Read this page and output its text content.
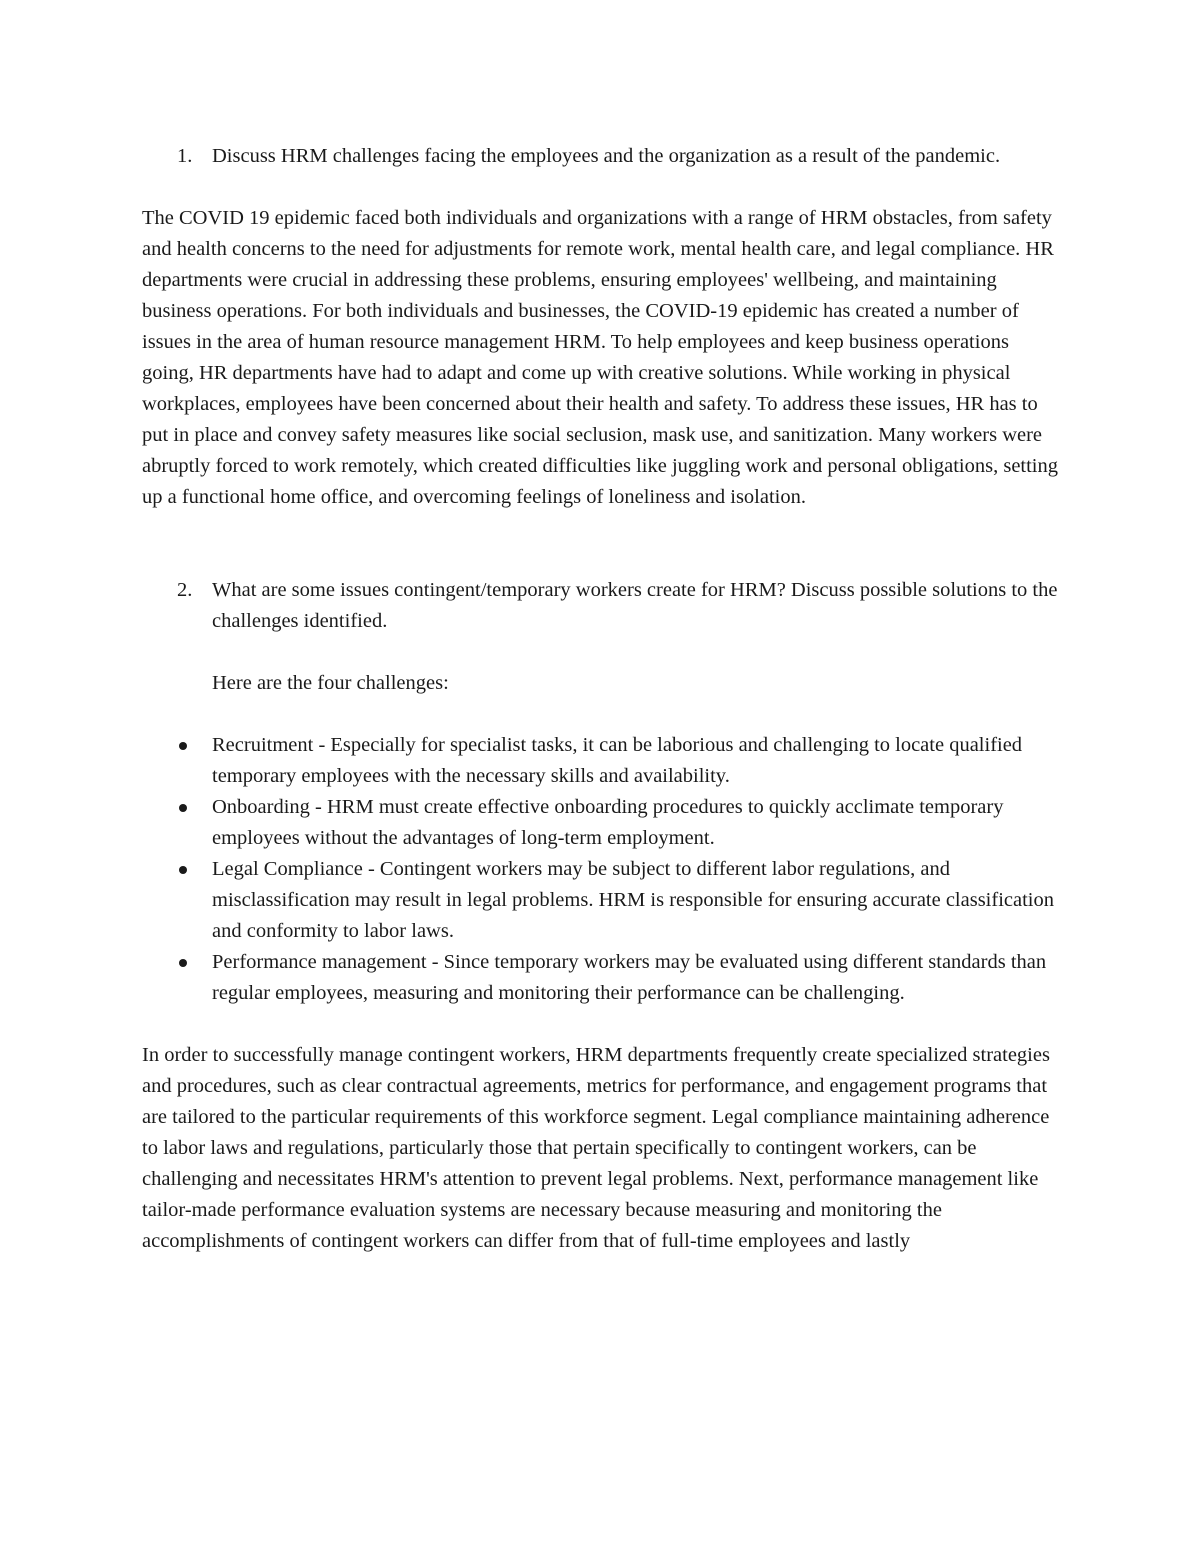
1. Discuss HRM challenges facing the employees and the organization as a result of the pandemic.

The COVID 19 epidemic faced both individuals and organizations with a range of HRM obstacles, from safety and health concerns to the need for adjustments for remote work, mental health care, and legal compliance. HR departments were crucial in addressing these problems, ensuring employees' wellbeing, and maintaining business operations. For both individuals and businesses, the COVID-19 epidemic has created a number of issues in the area of human resource management HRM. To help employees and keep business operations going, HR departments have had to adapt and come up with creative solutions. While working in physical workplaces, employees have been concerned about their health and safety. To address these issues, HR has to put in place and convey safety measures like social seclusion, mask use, and sanitization. Many workers were abruptly forced to work remotely, which created difficulties like juggling work and personal obligations, setting up a functional home office, and overcoming feelings of loneliness and isolation.

2. What are some issues contingent/temporary workers create for HRM? Discuss possible solutions to the challenges identified.

Here are the four challenges:

Recruitment - Especially for specialist tasks, it can be laborious and challenging to locate qualified temporary employees with the necessary skills and availability.
Onboarding - HRM must create effective onboarding procedures to quickly acclimate temporary employees without the advantages of long-term employment.
Legal Compliance - Contingent workers may be subject to different labor regulations, and misclassification may result in legal problems. HRM is responsible for ensuring accurate classification and conformity to labor laws.
Performance management - Since temporary workers may be evaluated using different standards than regular employees, measuring and monitoring their performance can be challenging.

In order to successfully manage contingent workers, HRM departments frequently create specialized strategies and procedures, such as clear contractual agreements, metrics for performance, and engagement programs that are tailored to the particular requirements of this workforce segment. Legal compliance maintaining adherence to labor laws and regulations, particularly those that pertain specifically to contingent workers, can be challenging and necessitates HRM's attention to prevent legal problems. Next, performance management like tailor-made performance evaluation systems are necessary because measuring and monitoring the accomplishments of contingent workers can differ from that of full-time employees and lastly
